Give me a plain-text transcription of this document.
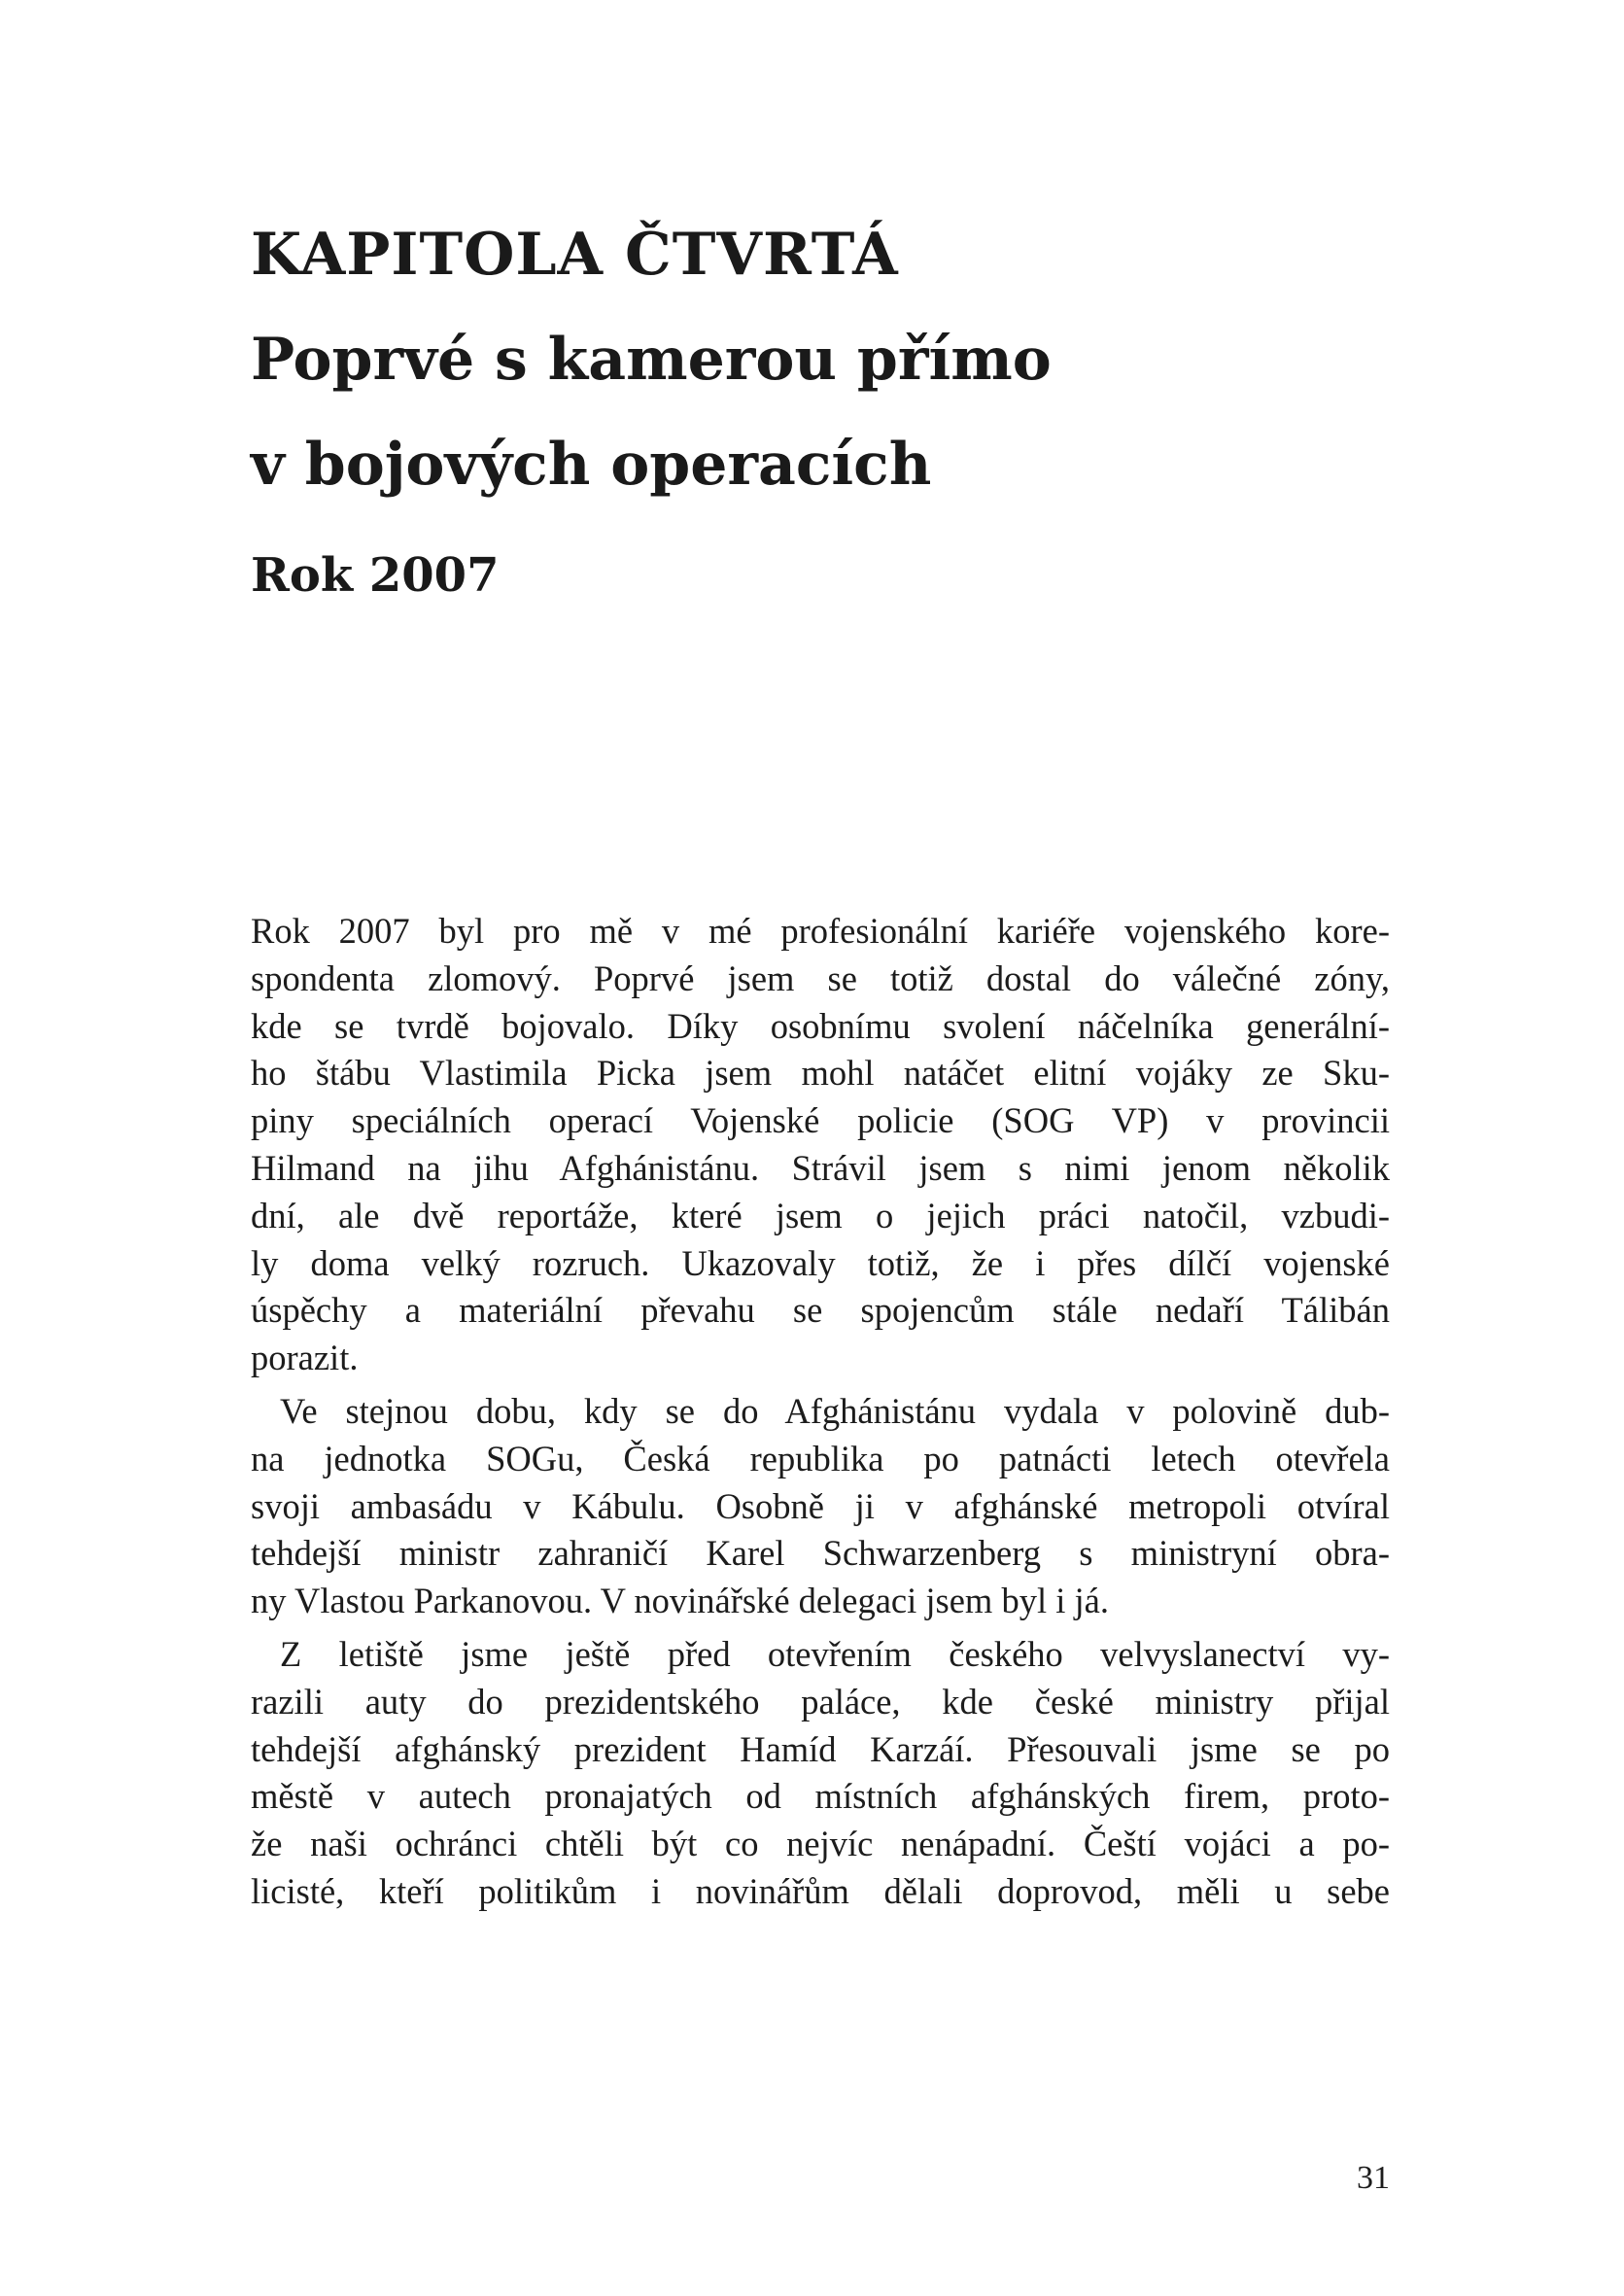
KAPITOLA ČTVRTÁ
Poprvé s kamerou přímo
v bojových operacích
Rok 2007
Rok 2007 byl pro mě v mé profesionální kariéře vojenského kore-
spondenta zlomový. Poprvé jsem se totiž dostal do válečné zóny,
kde se tvrdě bojovalo. Díky osobnímu svolení náčelníka generální-
ho štábu Vlastimila Picka jsem mohl natáčet elitní vojáky ze Sku-
piny speciálních operací Vojenské policie (SOG VP) v provincii
Hilmand na jihu Afghánistánu. Strávil jsem s nimi jenom několik
dní, ale dvě reportáže, které jsem o jejich práci natočil, vzbudi-
ly doma velký rozruch. Ukazovaly totiž, že i přes dílčí vojenské
úspěchy a materiální převahu se spojencům stále nedaří Tálibán
porazit.
Ve stejnou dobu, kdy se do Afghánistánu vydala v polovině dub-
na jednotka SOGu, Česká republika po patnácti letech otevřela
svoji ambasádu v Kábulu. Osobně ji v afghánské metropoli otvíral
tehdejší ministr zahraničí Karel Schwarzenberg s ministryní obra-
ny Vlastou Parkanovou. V novinářské delegaci jsem byl i já.
Z letiště jsme ještě před otevřením českého velvyslanectví vy-
razili auty do prezidentského paláce, kde české ministry přijal
tehdejší afghánský prezident Hamíd Karzáí. Přesouvali jsme se po
městě v autech pronajatých od místních afghánských firem, proto-
že naši ochránci chtěli být co nejvíc nenápadní. Čeští vojáci a po-
licisté, kteří politikům i novinářům dělali doprovod, měli u sebe
31
